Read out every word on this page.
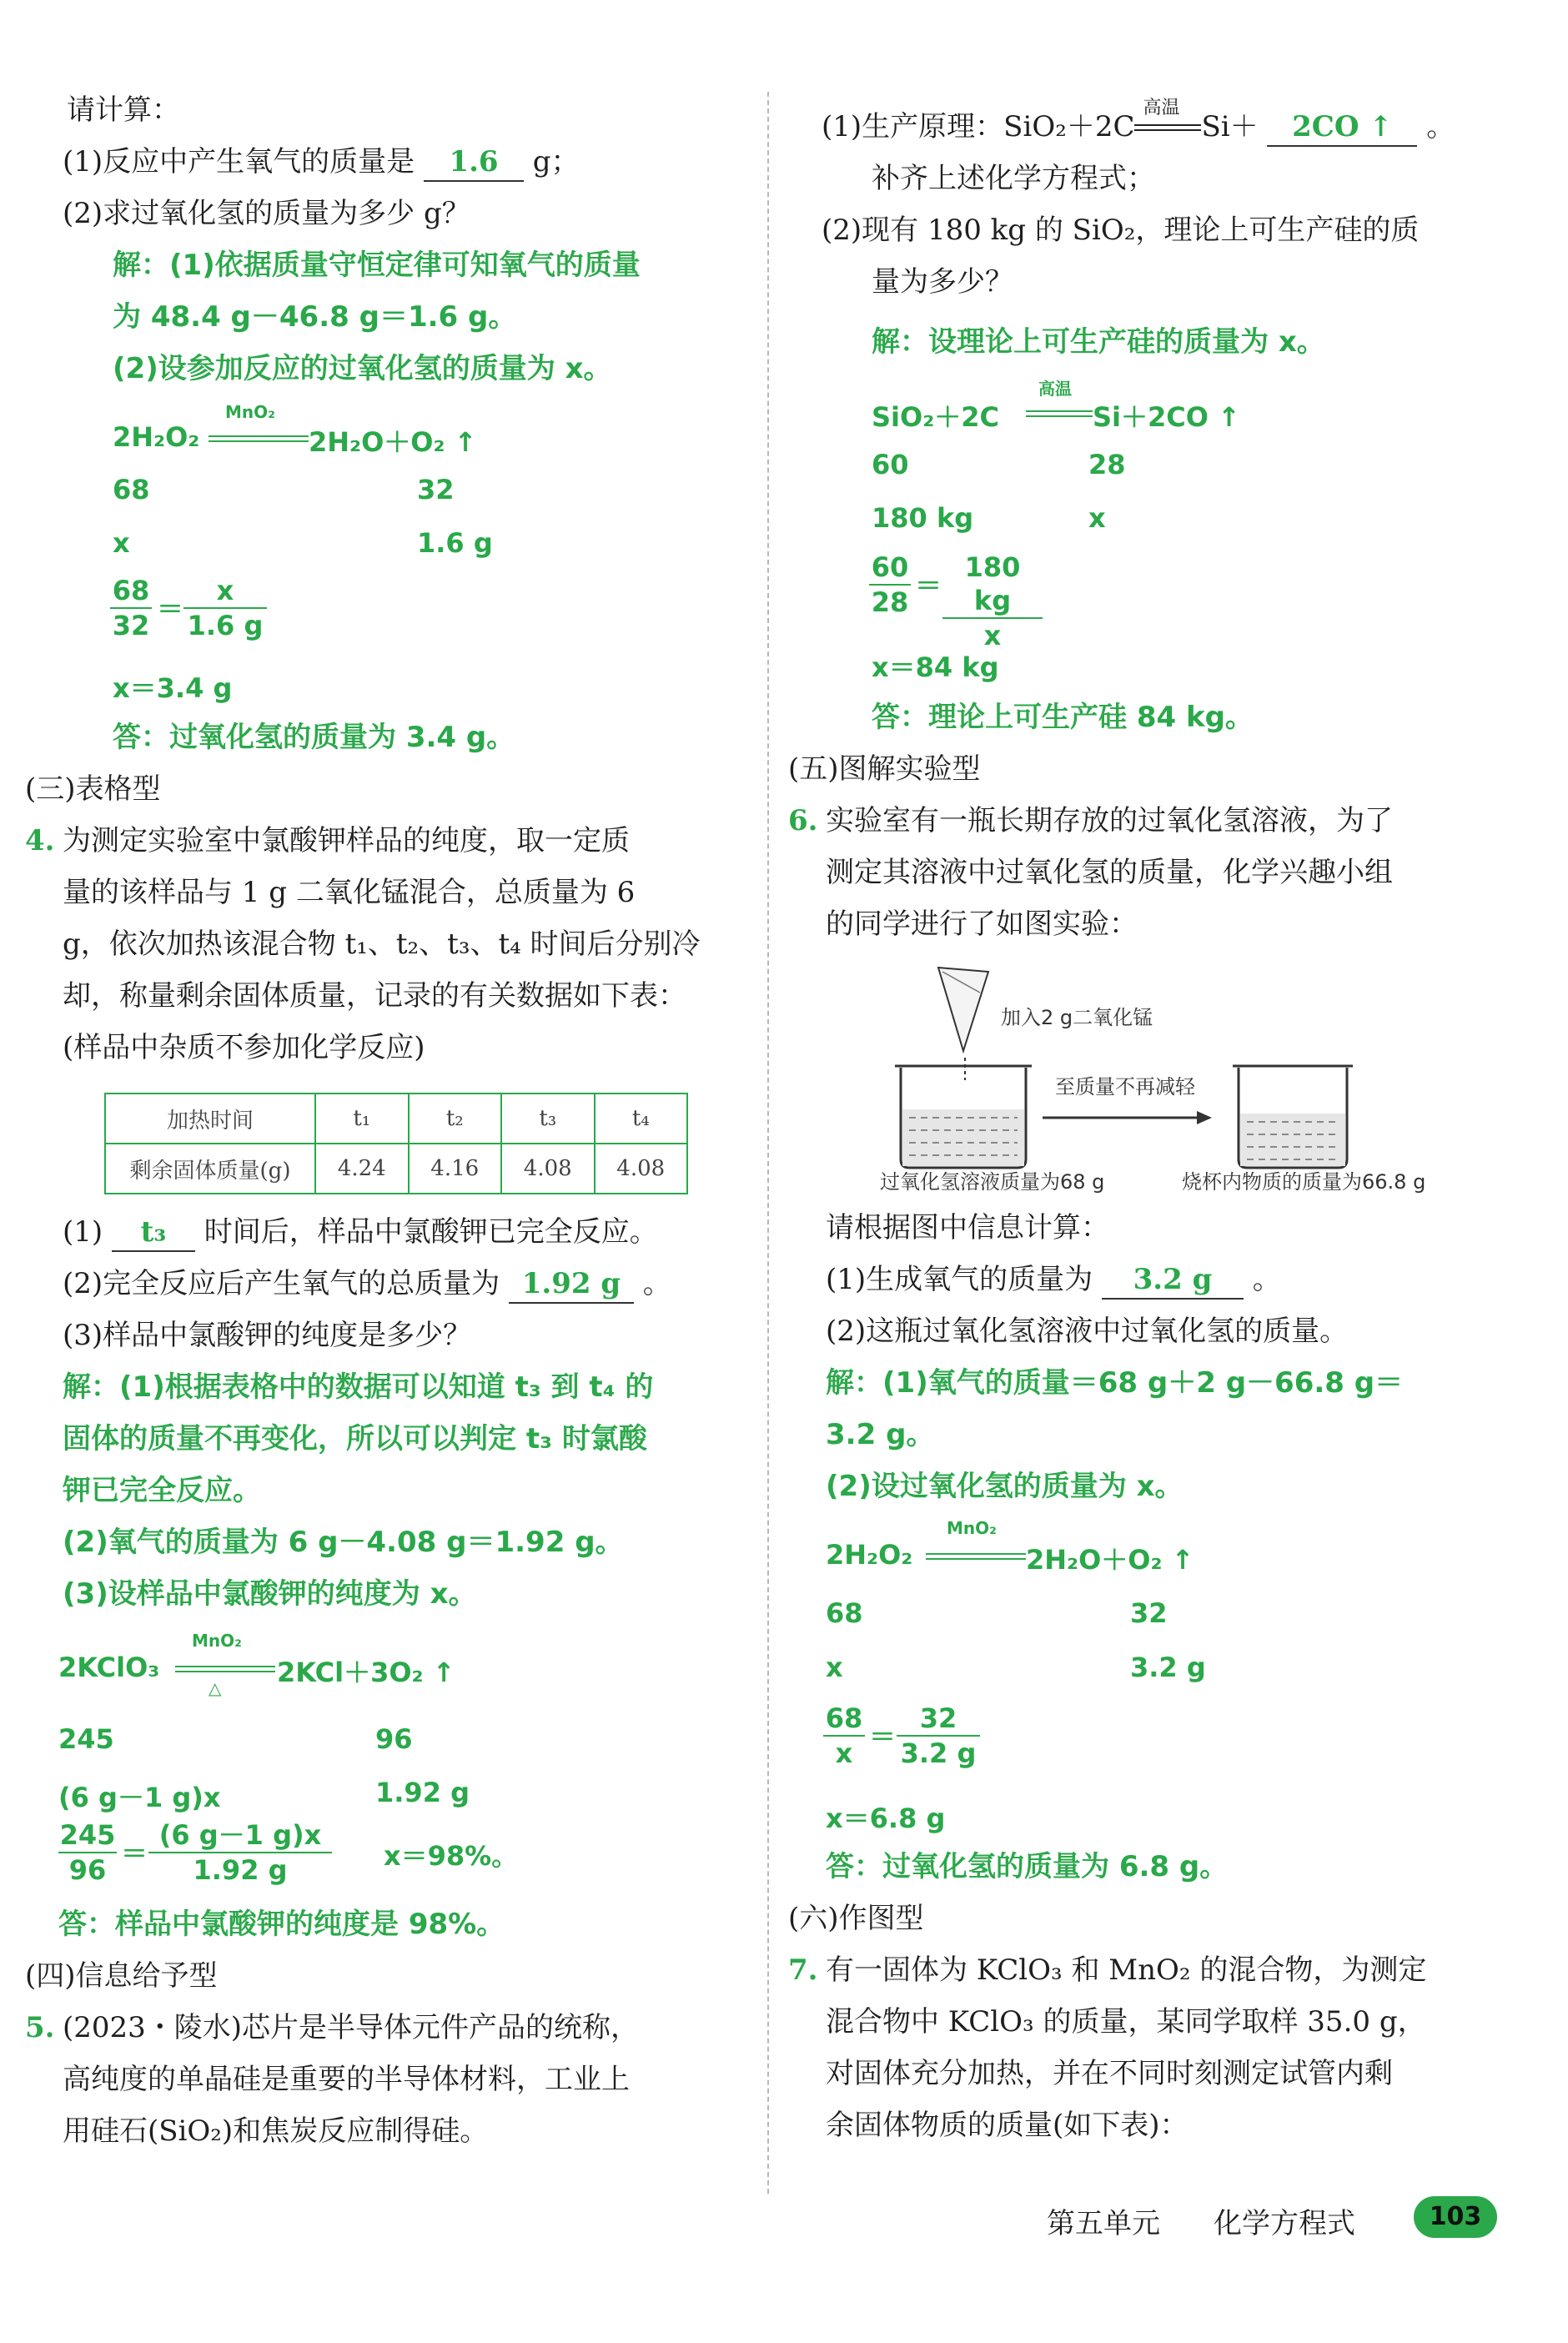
请计算：
(1)反应中产生氧气的质量是 1.6 g；
(2)求过氧化氢的质量为多少 g？
解：(1)依据质量守恒定律可知氧气的质量
为 48.4 g－46.8 g＝1.6 g。
(2)设参加反应的过氧化氢的质量为 x。
MnO₂
2H₂O₂	2H₂O＋O₂ ↑
68	32
x	1.6 g
$\frac{68}{32} = \frac{x}{1.6 g}$
x＝3.4 g
答：过氧化氢的质量为 3.4 g。
(三)表格型
4. 为测定实验室中氯酸钾样品的纯度，取一定质
量的该样品与 1 g 二氧化锰混合，总质量为 6
g，依次加热该混合物 t₁、t₂、t₃、t₄ 时间后分别冷
却，称量剩余固体质量，记录的有关数据如下表：
(样品中杂质不参加化学反应)
加热时间	t₁	t₂	t₃	t₄
剩余固体质量(g)	4.24	4.16	4.08	4.08
(1) t₃ 时间后，样品中氯酸钾已完全反应。
(2)完全反应后产生氧气的总质量为 1.92 g 。
(3)样品中氯酸钾的纯度是多少？
解：(1)根据表格中的数据可以知道 t₃ 到 t₄ 的
固体的质量不再变化，所以可以判定 t₃ 时氯酸
钾已完全反应。
(2)氧气的质量为 6 g－4.08 g＝1.92 g。
(3)设样品中氯酸钾的纯度为 x。
MnO₂
2KClO₃
△ 2KCl＋3O₂ ↑
245	96
(6 g－1 g)x	1.92 g
$\frac{245}{96} = \frac{(6 g-1 g)x}{1.92 g} x=98\%$。
答：样品中氯酸钾的纯度是 98%。
(四)信息给予型
5. (2023・陵水)芯片是半导体元件产品的统称，
高纯度的单晶硅是重要的半导体材料，工业上
用硅石(SiO₂)和焦炭反应制得硅。
(1)生产原理：SiO₂＋2C
高温
Si＋ 2CO ↑ 。
补齐上述化学方程式；
(2)现有 180 kg 的 SiO₂，理论上可生产硅的质
量为多少？
解：设理论上可生产硅的质量为 x。
高温
SiO₂＋2C	Si＋2CO ↑
60	28
180 kg	x
$\frac{60}{28} = \frac{180 kg}{x}$
x＝84 kg
答：理论上可生产硅 84 kg。
(五)图解实验型
6. 实验室有一瓶长期存放的过氧化氢溶液，为了
测定其溶液中过氧化氢的质量，化学兴趣小组
的同学进行了如图实验：
加入2 g二氧化锰
至质量不再减轻
过氧化氢溶液质量为68 g	烧杯内物质的质量为66.8 g
请根据图中信息计算：
(1)生成氧气的质量为 3.2 g 。
(2)这瓶过氧化氢溶液中过氧化氢的质量。
解：(1)氧气的质量＝68 g＋2 g－66.8 g＝
3.2 g。
(2)设过氧化氢的质量为 x。
MnO₂
2H₂O₂	2H₂O＋O₂ ↑
68	32
x	3.2 g
$\frac{68}{x} = \frac{32}{3.2 g}$
x＝6.8 g
答：过氧化氢的质量为 6.8 g。
(六)作图型
7. 有一固体为 KClO₃ 和 MnO₂ 的混合物，为测定
混合物中 KClO₃ 的质量，某同学取样 35.0 g，
对固体充分加热，并在不同时刻测定试管内剩
余固体物质的质量(如下表)：
第五单元 化学方程式	103
